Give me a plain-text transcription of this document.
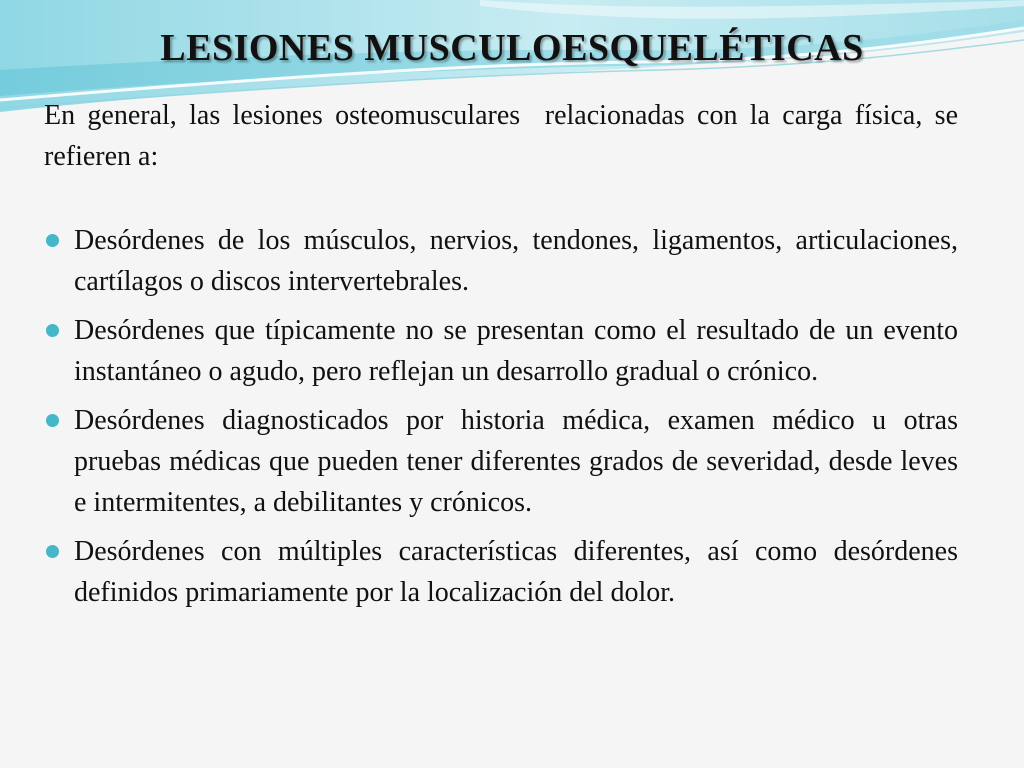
LESIONES MUSCULOESQUELÉTICAS

En general, las lesiones osteomusculares  relacionadas con la carga física, se refieren a:

Desórdenes de los músculos, nervios, tendones, ligamentos, articulaciones, cartílagos o discos intervertebrales.
Desórdenes que típicamente no se presentan como el resultado de un evento instantáneo o agudo, pero reflejan un desarrollo gradual o crónico.
Desórdenes diagnosticados por historia médica, examen médico u otras pruebas médicas que pueden tener diferentes grados de severidad, desde leves e intermitentes, a debilitantes y crónicos.
Desórdenes con múltiples características diferentes, así como desórdenes definidos primariamente por la localización del dolor.
